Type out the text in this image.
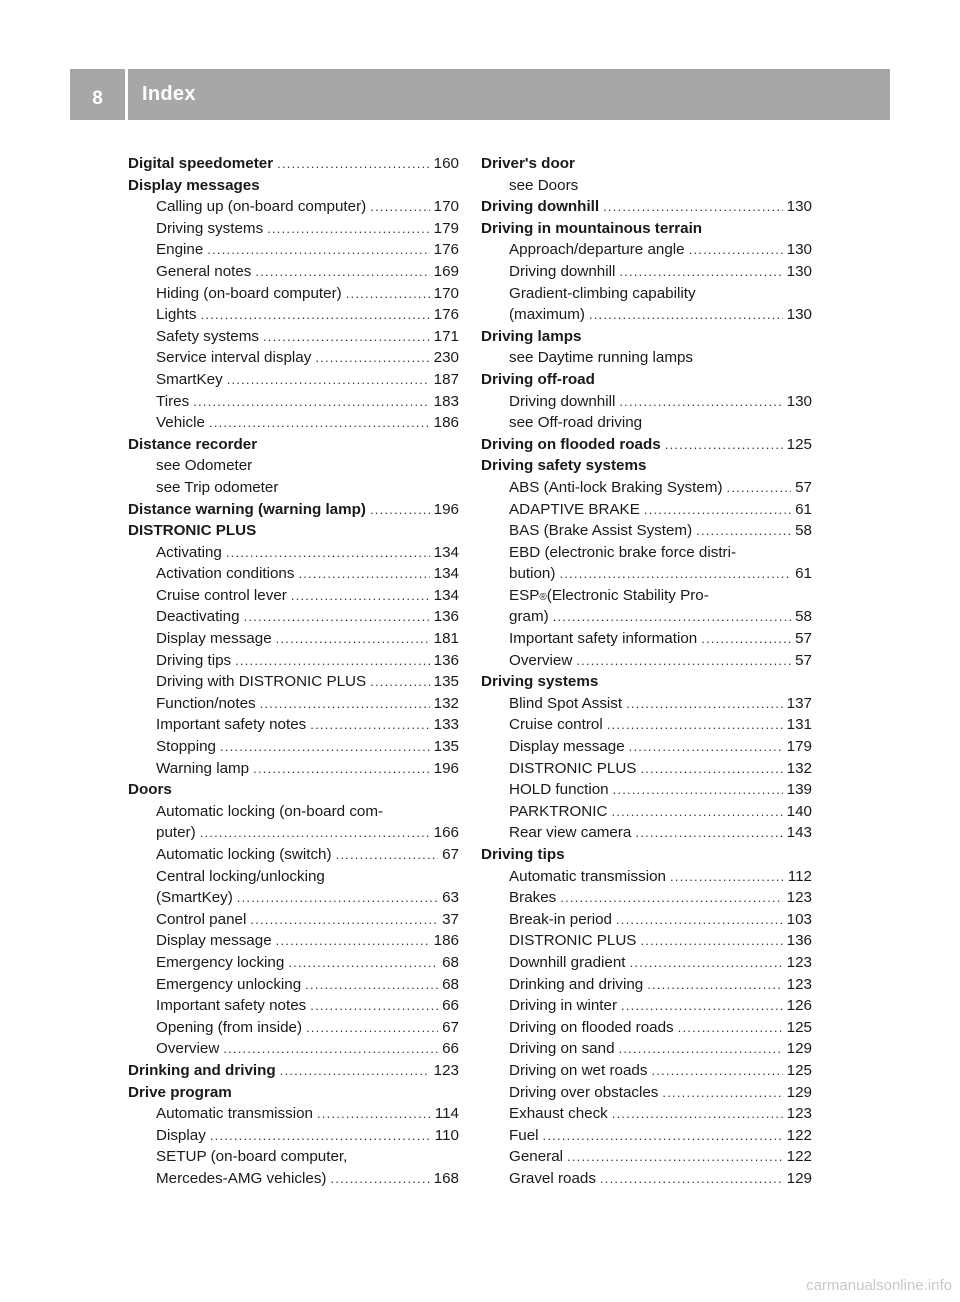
8	Index
Digital speedometer .....	160
Display messages
Calling up (on-board computer) .....	170
Driving systems .....	179
Engine .....	176
General notes .....	169
Hiding (on-board computer) .....	170
Lights .....	176
Safety systems .....	171
Service interval display .....	230
SmartKey .....	187
Tires .....	183
Vehicle .....	186
Distance recorder
see Odometer
see Trip odometer
Distance warning (warning lamp) .....	196
DISTRONIC PLUS
Activating .....	134
Activation conditions .....	134
Cruise control lever .....	134
Deactivating .....	136
Display message .....	181
Driving tips .....	136
Driving with DISTRONIC PLUS .....	135
Function/notes .....	132
Important safety notes .....	133
Stopping .....	135
Warning lamp .....	196
Doors
Automatic locking (on-board com-
puter) .....	166
Automatic locking (switch) .....	67
Central locking/unlocking
(SmartKey) .....	63
Control panel .....	37
Display message .....	186
Emergency locking .....	68
Emergency unlocking .....	68
Important safety notes .....	66
Opening (from inside) .....	67
Overview .....	66
Drinking and driving .....	123
Drive program
Automatic transmission .....	114
Display .....	110
SETUP (on-board computer,
Mercedes-AMG vehicles) .....	168
Driver's door
see Doors
Driving downhill .....	130
Driving in mountainous terrain
Approach/departure angle .....	130
Driving downhill .....	130
Gradient-climbing capability
(maximum) .....	130
Driving lamps
see Daytime running lamps
Driving off-road
Driving downhill .....	130
see Off-road driving
Driving on flooded roads .....	125
Driving safety systems
ABS (Anti-lock Braking System) .....	57
ADAPTIVE BRAKE .....	61
BAS (Brake Assist System) .....	58
EBD (electronic brake force distri-
bution) .....	61
ESP ® (Electronic Stability Pro-
gram) .....	58
Important safety information .....	57
Overview .....	57
Driving systems
Blind Spot Assist .....	137
Cruise control .....	131
Display message .....	179
DISTRONIC PLUS .....	132
HOLD function .....	139
PARKTRONIC .....	140
Rear view camera .....	143
Driving tips
Automatic transmission .....	112
Brakes .....	123
Break-in period .....	103
DISTRONIC PLUS .....	136
Downhill gradient .....	123
Drinking and driving .....	123
Driving in winter .....	126
Driving on flooded roads .....	125
Driving on sand .....	129
Driving on wet roads .....	125
Driving over obstacles .....	129
Exhaust check .....	123
Fuel .....	122
General .....	122
Gravel roads .....	129
carmanualsonline.info
